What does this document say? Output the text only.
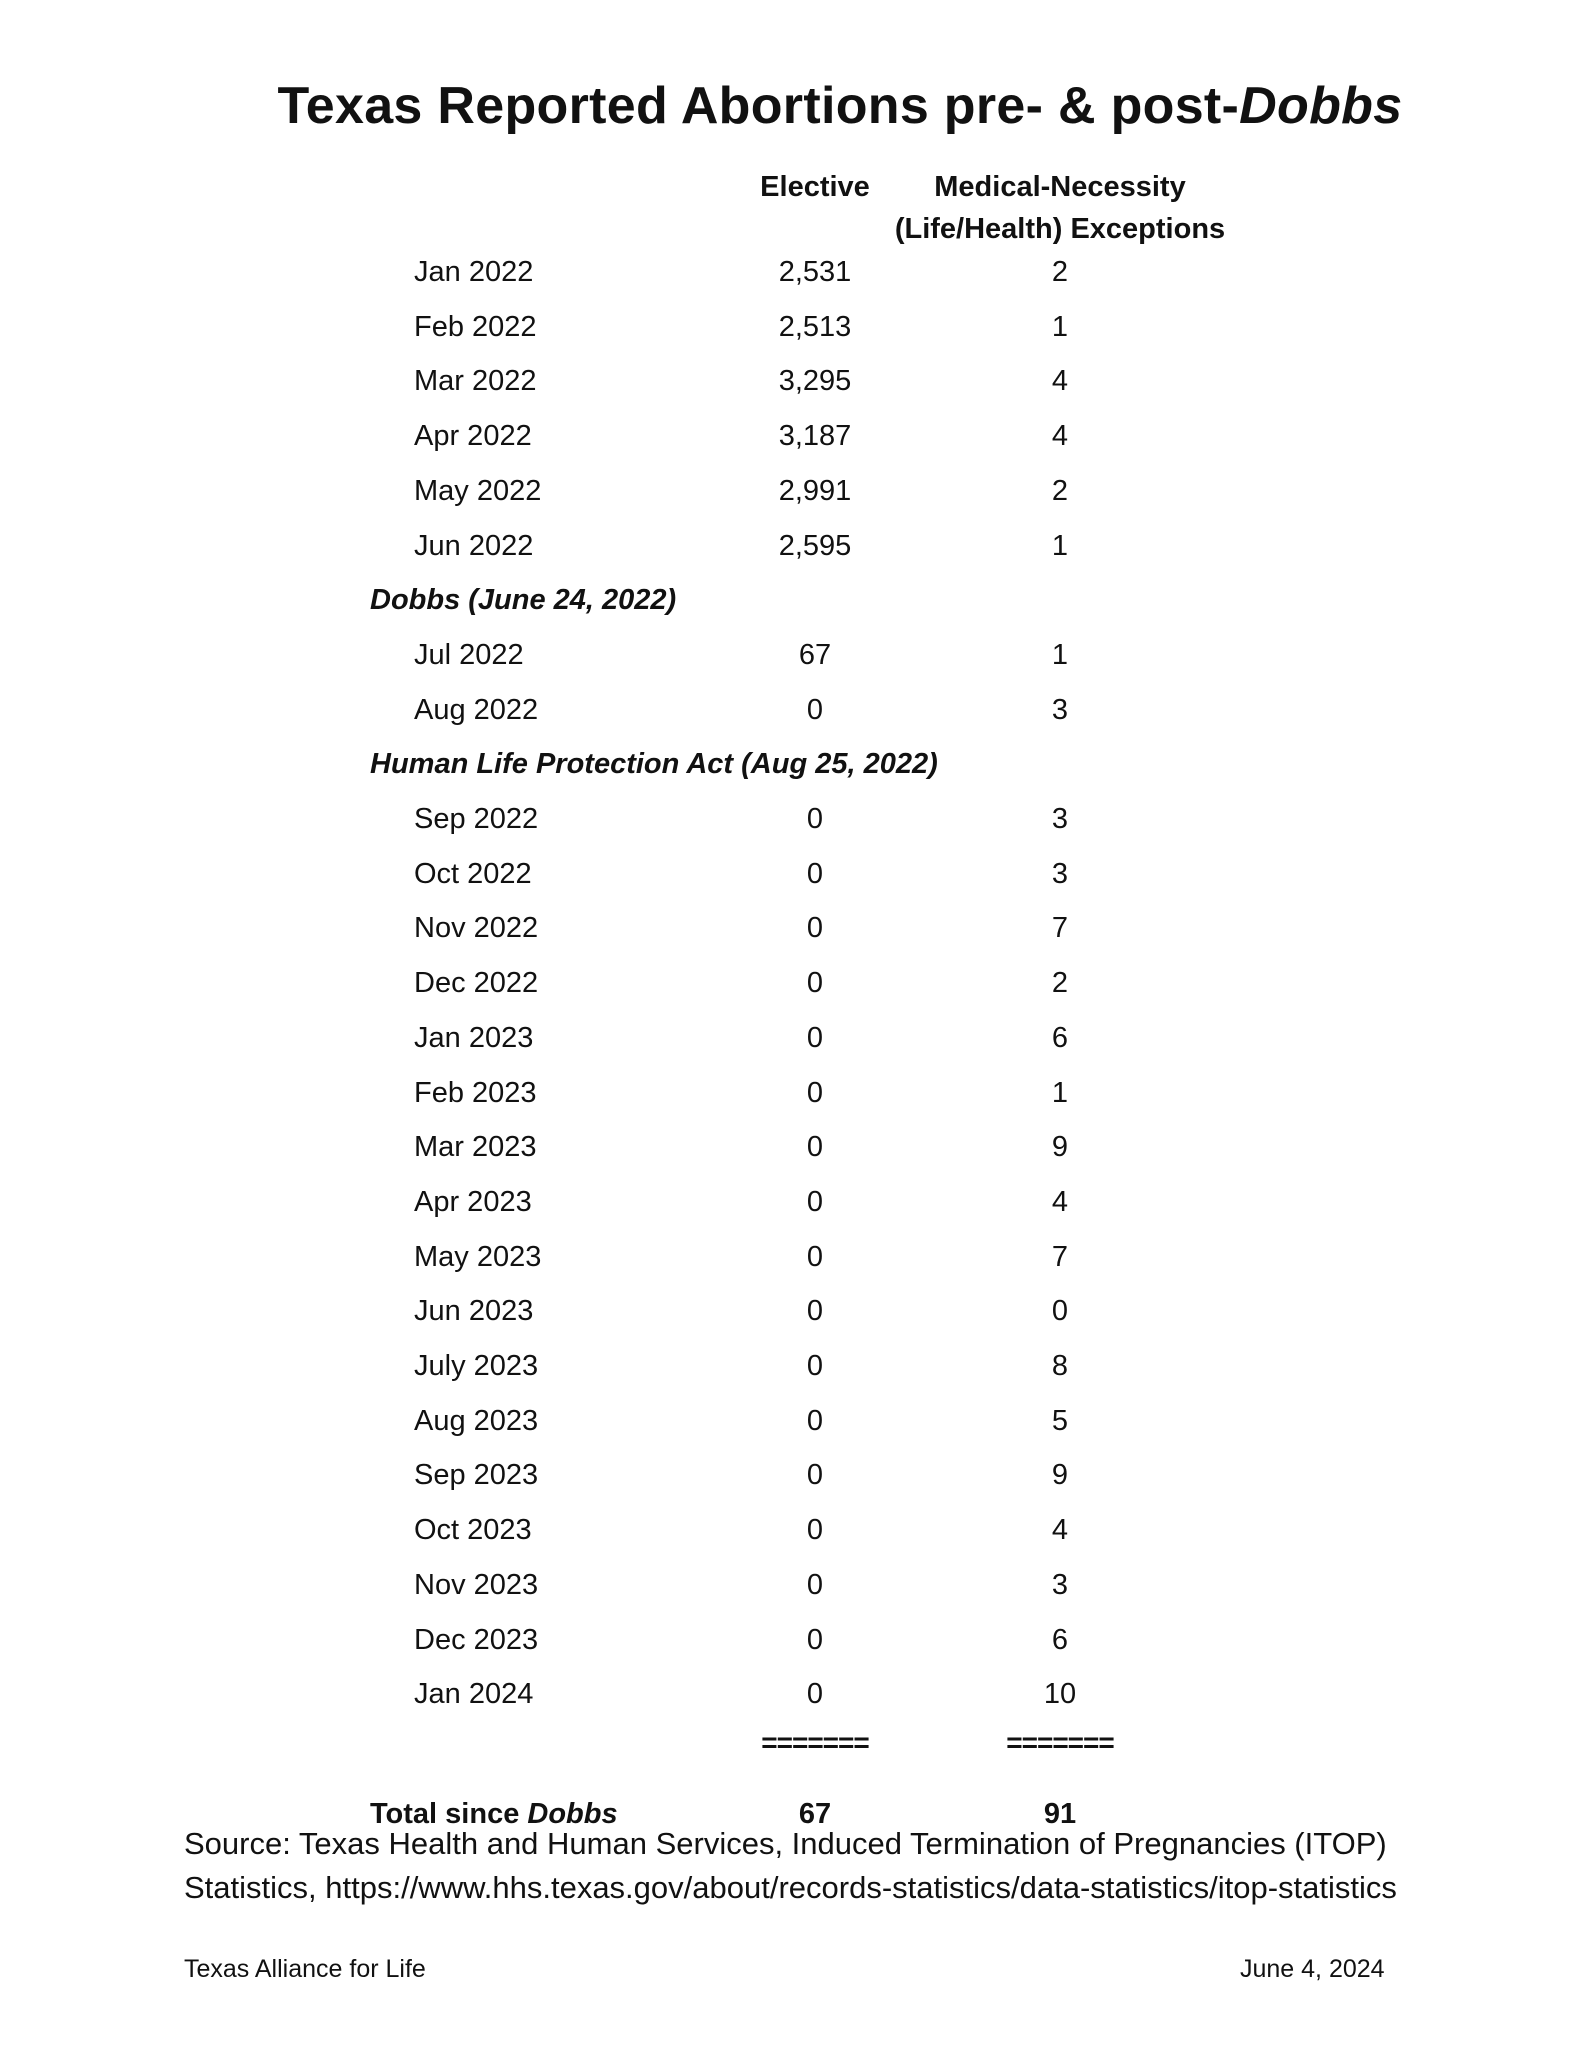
Texas Reported Abortions pre- & post-Dobbs
Elective	Medical-Necessity
(Life/Health) Exceptions
Jan 2022	2,531	2
Feb 2022	2,513	1
Mar 2022	3,295	4
Apr 2022	3,187	4
May 2022	2,991	2
Jun 2022	2,595	1
Jul 2022	67	1
Aug 2022	0	3
Sep 2022	0	3
Oct 2022	0	3
Nov 2022	0	7
Dec 2022	0	2
Jan 2023	0	6
Feb 2023	0	1
Mar 2023	0	9
Apr 2023	0	4
May 2023	0	7
Jun 2023	0	0
July 2023	0	8
Aug 2023	0	5
Sep 2023	0	9
Oct 2023	0	4
Nov 2023	0	3
Dec 2023	0	6
Jan 2024	0	10
Dobbs (June 24, 2022)
Human Life Protection Act (Aug 25, 2022)
=======	=======
Total since Dobbs	67	91
Source: Texas Health and Human Services, Induced Termination of Pregnancies (ITOP)
Statistics, https://www.hhs.texas.gov/about/records-statistics/data-statistics/itop-statistics
Texas Alliance for Life	June 4, 2024
